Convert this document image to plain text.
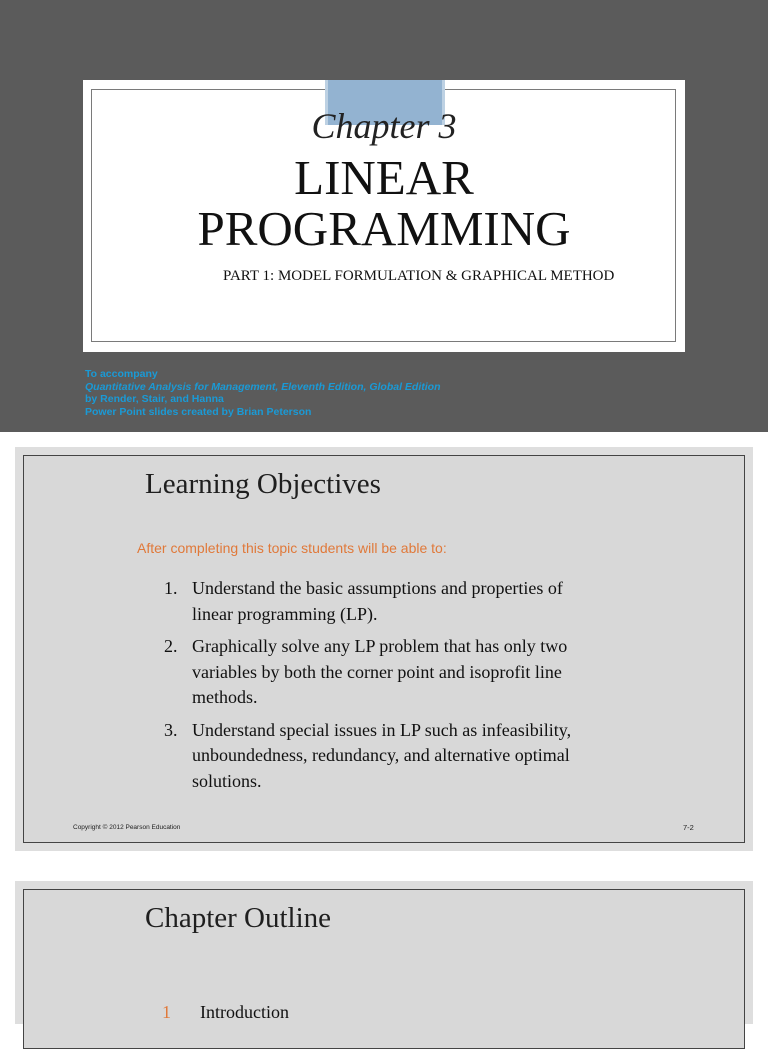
Chapter 3
LINEAR
PROGRAMMING
PART 1: MODEL FORMULATION & GRAPHICAL METHOD
To accompany
Quantitative Analysis for Management, Eleventh Edition, Global Edition
by Render, Stair, and Hanna
Power Point slides created by Brian Peterson
Learning Objectives
After completing this topic students will be able to:
1. Understand the basic assumptions and properties of linear programming (LP).
2. Graphically solve any LP problem that has only two variables by both the corner point and isoprofit line methods.
3. Understand special issues in LP such as infeasibility, unboundedness, redundancy, and alternative optimal solutions.
Copyright © 2012 Pearson Education	7-2
Chapter Outline
1 Introduction
